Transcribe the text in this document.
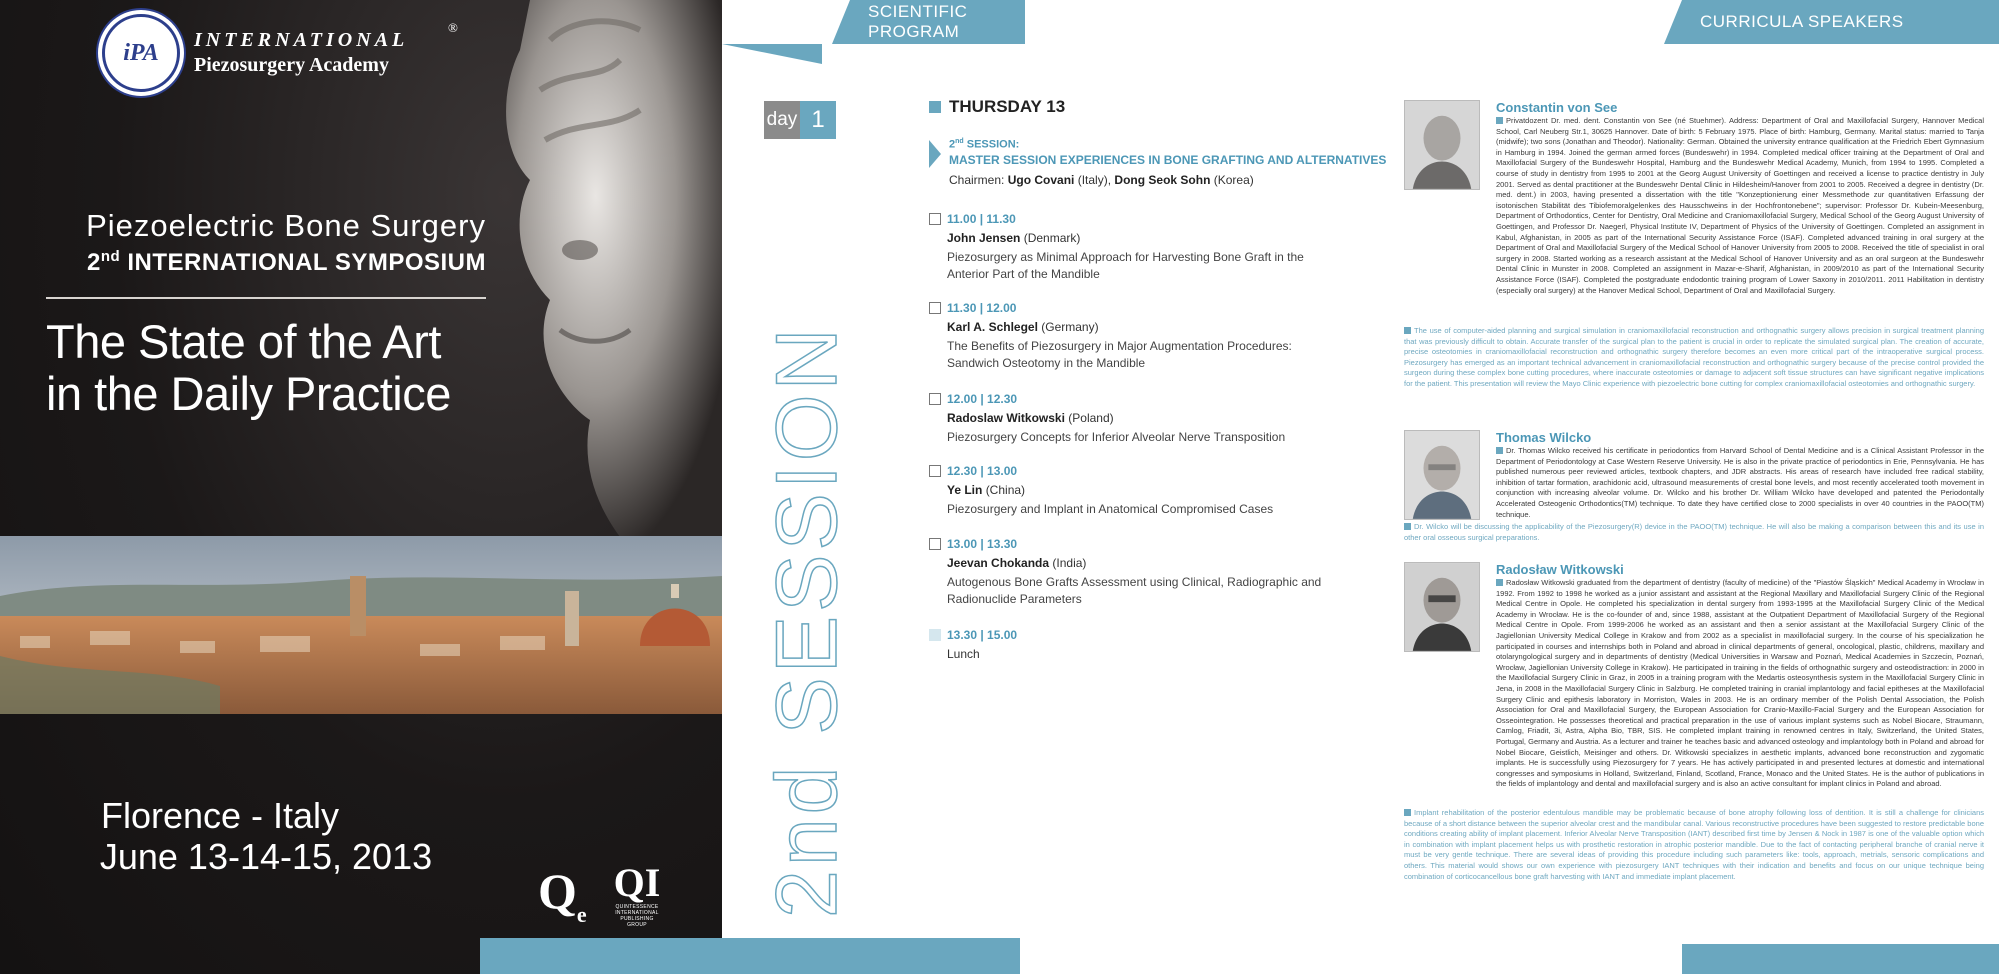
iPA INTERNATIONAL
Piezosurgery Academy
®
Piezoelectric Bone Surgery
2nd INTERNATIONAL SYMPOSIUM
The State of the Art
in the Daily Practice
Florence - Italy
June 13-14-15, 2013
$Q_e$
QI
QUINTESSENCE INTERNATIONAL PUBLISHING GROUP
SCIENTIFIC PROGRAM
CURRICULA SPEAKERS
day 1
2nd SESSION
THURSDAY 13
2nd SESSION:
MASTER SESSION EXPERIENCES IN BONE GRAFTING AND ALTERNATIVES
Chairmen: Ugo Covani (Italy), Dong Seok Sohn (Korea)
11.00 | 11.30
John Jensen (Denmark)
Piezosurgery as Minimal Approach for Harvesting Bone Graft in the Anterior Part of the Mandible
11.30 | 12.00
Karl A. Schlegel (Germany)
The Benefits of Piezosurgery in Major Augmentation Procedures: Sandwich Osteotomy in the Mandible
12.00 | 12.30
Radoslaw Witkowski (Poland)
Piezosurgery Concepts for Inferior Alveolar Nerve Transposition
12.30 | 13.00
Ye Lin (China)
Piezosurgery and Implant in Anatomical Compromised Cases
13.00 | 13.30
Jeevan Chokanda (India)
Autogenous Bone Grafts Assessment using Clinical, Radiographic and Radionuclide Parameters
13.30 | 15.00
Lunch
Constantin von See
Privatdozent Dr. med. dent. Constantin von See (né Stuehmer). Address: Department of Oral and Maxillofacial Surgery, Hannover Medical School, Carl Neuberg Str.1, 30625 Hannover. Date of birth: 5 February 1975. Place of birth: Hamburg, Germany. Marital status: married to Tanja (midwife); two sons (Jonathan and Theodor). Nationality: German. Obtained the university entrance qualification at the Friedrich Ebert Gymnasium in Hamburg in 1994. Joined the german armed forces (Bundeswehr) in 1994. Completed medical officer training at the Department of Oral and Maxillofacial Surgery of the Bundeswehr Hospital, Hamburg and the Bundeswehr Medical Academy, Munich, from 1994 to 1995. Completed a course of study in dentistry from 1995 to 2001 at the Georg August University of Goettingen and received a license to practice dentistry in July 2001. Served as dental practitioner at the Bundeswehr Dental Clinic in Hildesheim/Hanover from 2001 to 2005. Received a degree in dentistry (Dr. med. dent.) in 2003, having presented a dissertation with the title "Konzeptionierung einer Messmethode zur quantitativen Erfassung der isotonischen Stabilität des Tibiofemoralgelenkes des Hausschweins in der Hochfrontonebene"; supervisor: Professor Dr. Kubein-Meesenburg, Department of Orthodontics, Center for Dentistry, Oral Medicine and Craniomaxillofacial Surgery, Medical School of the Georg August University of Goettingen, and Professor Dr. Naegerl, Physical Institute IV, Department of Physics of the University of Goettingen. Completed an assignment in Kabul, Afghanistan, in 2005 as part of the International Security Assistance Force (ISAF). Completed advanced training in oral surgery at the Department of Oral and Maxillofacial Surgery of the Medical School of Hanover University from 2005 to 2008. Received the title of specialist in oral surgery in 2008. Started working as a research assistant at the Medical School of Hanover University and as an oral surgeon at the Bundeswehr Dental Clinic in Munster in 2008. Completed an assignment in Mazar-e-Sharif, Afghanistan, in 2009/2010 as part of the International Security Assistance Force (ISAF). Completed the postgraduate endodontic training program of Lower Saxony in 2010/2011. 2011 Habilitation in dentistry (especially oral surgery) at the Hanover Medical School, Department of Oral and Maxillofacial Surgery.
The use of computer-aided planning and surgical simulation in craniomaxillofacial reconstruction and orthognathic surgery allows precision in surgical treatment planning that was previously difficult to obtain. Accurate transfer of the surgical plan to the patient is crucial in order to replicate the simulated surgical plan. The creation of accurate, precise osteotomies in craniomaxillofacial reconstruction and orthognathic surgery therefore becomes an even more critical part of the intraoperative surgical process. Piezosurgery has emerged as an important technical advancement in craniomaxillofacial reconstruction and orthognathic surgery because of the precise control provided the surgeon during these complex bone cutting procedures, where inaccurate osteotomies or damage to adjacent soft tissue structures can have significant negative implications for the patient. This presentation will review the Mayo Clinic experience with piezoelectric bone cutting for complex craniomaxillofacial osteotomies and orthognathic surgery.
Thomas Wilcko
Dr. Thomas Wilcko received his certificate in periodontics from Harvard School of Dental Medicine and is a Clinical Assistant Professor in the Department of Periodontology at Case Western Reserve University. He is also in the private practice of periodontics in Erie, Pennsylvania. He has published numerous peer reviewed articles, textbook chapters, and JDR abstracts. His areas of research have included free radical stability, inhibition of tartar formation, arachidonic acid, ultrasound measurements of crestal bone levels, and most recently accelerated tooth movement in conjunction with increasing alveolar volume. Dr. Wilcko and his brother Dr. William Wilcko have developed and patented the Periodontally Accelerated Osteogenic Orthodontics(TM) technique. To date they have certified close to 2000 specialists in over 40 countries in the PAOO(TM) technique.
Dr. Wilcko will be discussing the applicability of the Piezosurgery(R) device in the PAOO(TM) technique. He will also be making a comparison between this and its use in other oral osseous surgical preparations.
Radosław Witkowski
Radosław Witkowski graduated from the department of dentistry (faculty of medicine) of the "Piastów Śląskich" Medical Academy in Wrocław in 1992. From 1992 to 1998 he worked as a junior assistant and assistant at the Regional Maxillary and Maxillofacial Surgery Clinic of the Regional Medical Centre in Opole. He completed his specialization in dental surgery from 1993-1995 at the Maxillofacial Surgery Clinic of the Medical Academy in Wrocław. He is the co-founder of and, since 1988, assistant at the Outpatient Department of Maxillofacial Surgery of the Regional Medical Centre in Opole. From 1999-2006 he worked as an assistant and then a senior assistant at the Maxillofacial Surgery Clinic of the Jagiellonian University Medical College in Krakow and from 2002 as a specialist in maxillofacial surgery. In the course of his specialization he participated in courses and internships both in Poland and abroad in clinical departments of general, oncological, plastic, childrens, maxillary and otolaryngological surgery and in departments of dentistry (Medical Universities in Warsaw and Poznań, Medical Academies in Szczecin, Poznań, Wrocław, Jagiellonian University College in Krakow). He participated in training in the fields of orthognathic surgery and osteodistraction: in 2000 in the Maxillofacial Surgery Clinic in Graz, in 2005 in a training program with the Medartis osteosynthesis system in the Maxillofacial Surgery Clinic in Jena, in 2008 in the Maxillofacial Surgery Clinic in Salzburg. He completed training in cranial implantology and facial epitheses at the Maxillofacial Surgery Clinic and epithesis laboratory in Morriston, Wales in 2003. He is an ordinary member of the Polish Dental Association, the Polish Association for Oral and Maxillofacial Surgery, the European Association for Cranio-Maxillo-Facial Surgery and the European Association for Osseointegration. He possesses theoretical and practical preparation in the use of various implant systems such as Nobel Biocare, Straumann, Camlog, Friadit, 3i, Astra, Alpha Bio, TBR, SIS. He completed implant training in renowned centres in Italy, Switzerland, the United States, Portugal, Germany and Austria. As a lecturer and trainer he teaches basic and advanced osteology and implantology both in Poland and abroad for Nobel Biocare, Geistlich, Meisinger and others. Dr. Witkowski specializes in aesthetic implants, advanced bone reconstruction and zygomatic implants. He is successfully using Piezosurgery for 7 years. He has actively participated in and presented lectures at domestic and international congresses and symposiums in Holland, Switzerland, Finland, Scotland, France, Monaco and the United States. He is the author of publications in the fields of implantology and dental and maxillofacial surgery and is also an active consultant for implant clinics in Poland and abroad.
Implant rehabilitation of the posterior edentulous mandible may be problematic because of bone atrophy following loss of dentition. It is still a challenge for clinicians because of a short distance between the superior alveolar crest and the mandibular canal. Various reconstructive procedures have been suggested to restore predictable bone conditions creating ability of implant placement. Inferior Alveolar Nerve Transposition (IANT) described first time by Jensen & Nock in 1987 is one of the valuable option which in combination with implant placement helps us with prosthetic restoration in atrophic posterior mandible. Due to the fact of contacting peripheral branche of cranial nerve it must be very gentle technique. There are several ideas of providing this procedure including such parameters like: tools, approach, metrials, sensoric complications and others. This material would shows our own experience with piezosurgery IANT techniques with their indication and benefits and focus on our unique technique being combination of corticocancellous bone graft harvesting with IANT and immediate implant placement.
